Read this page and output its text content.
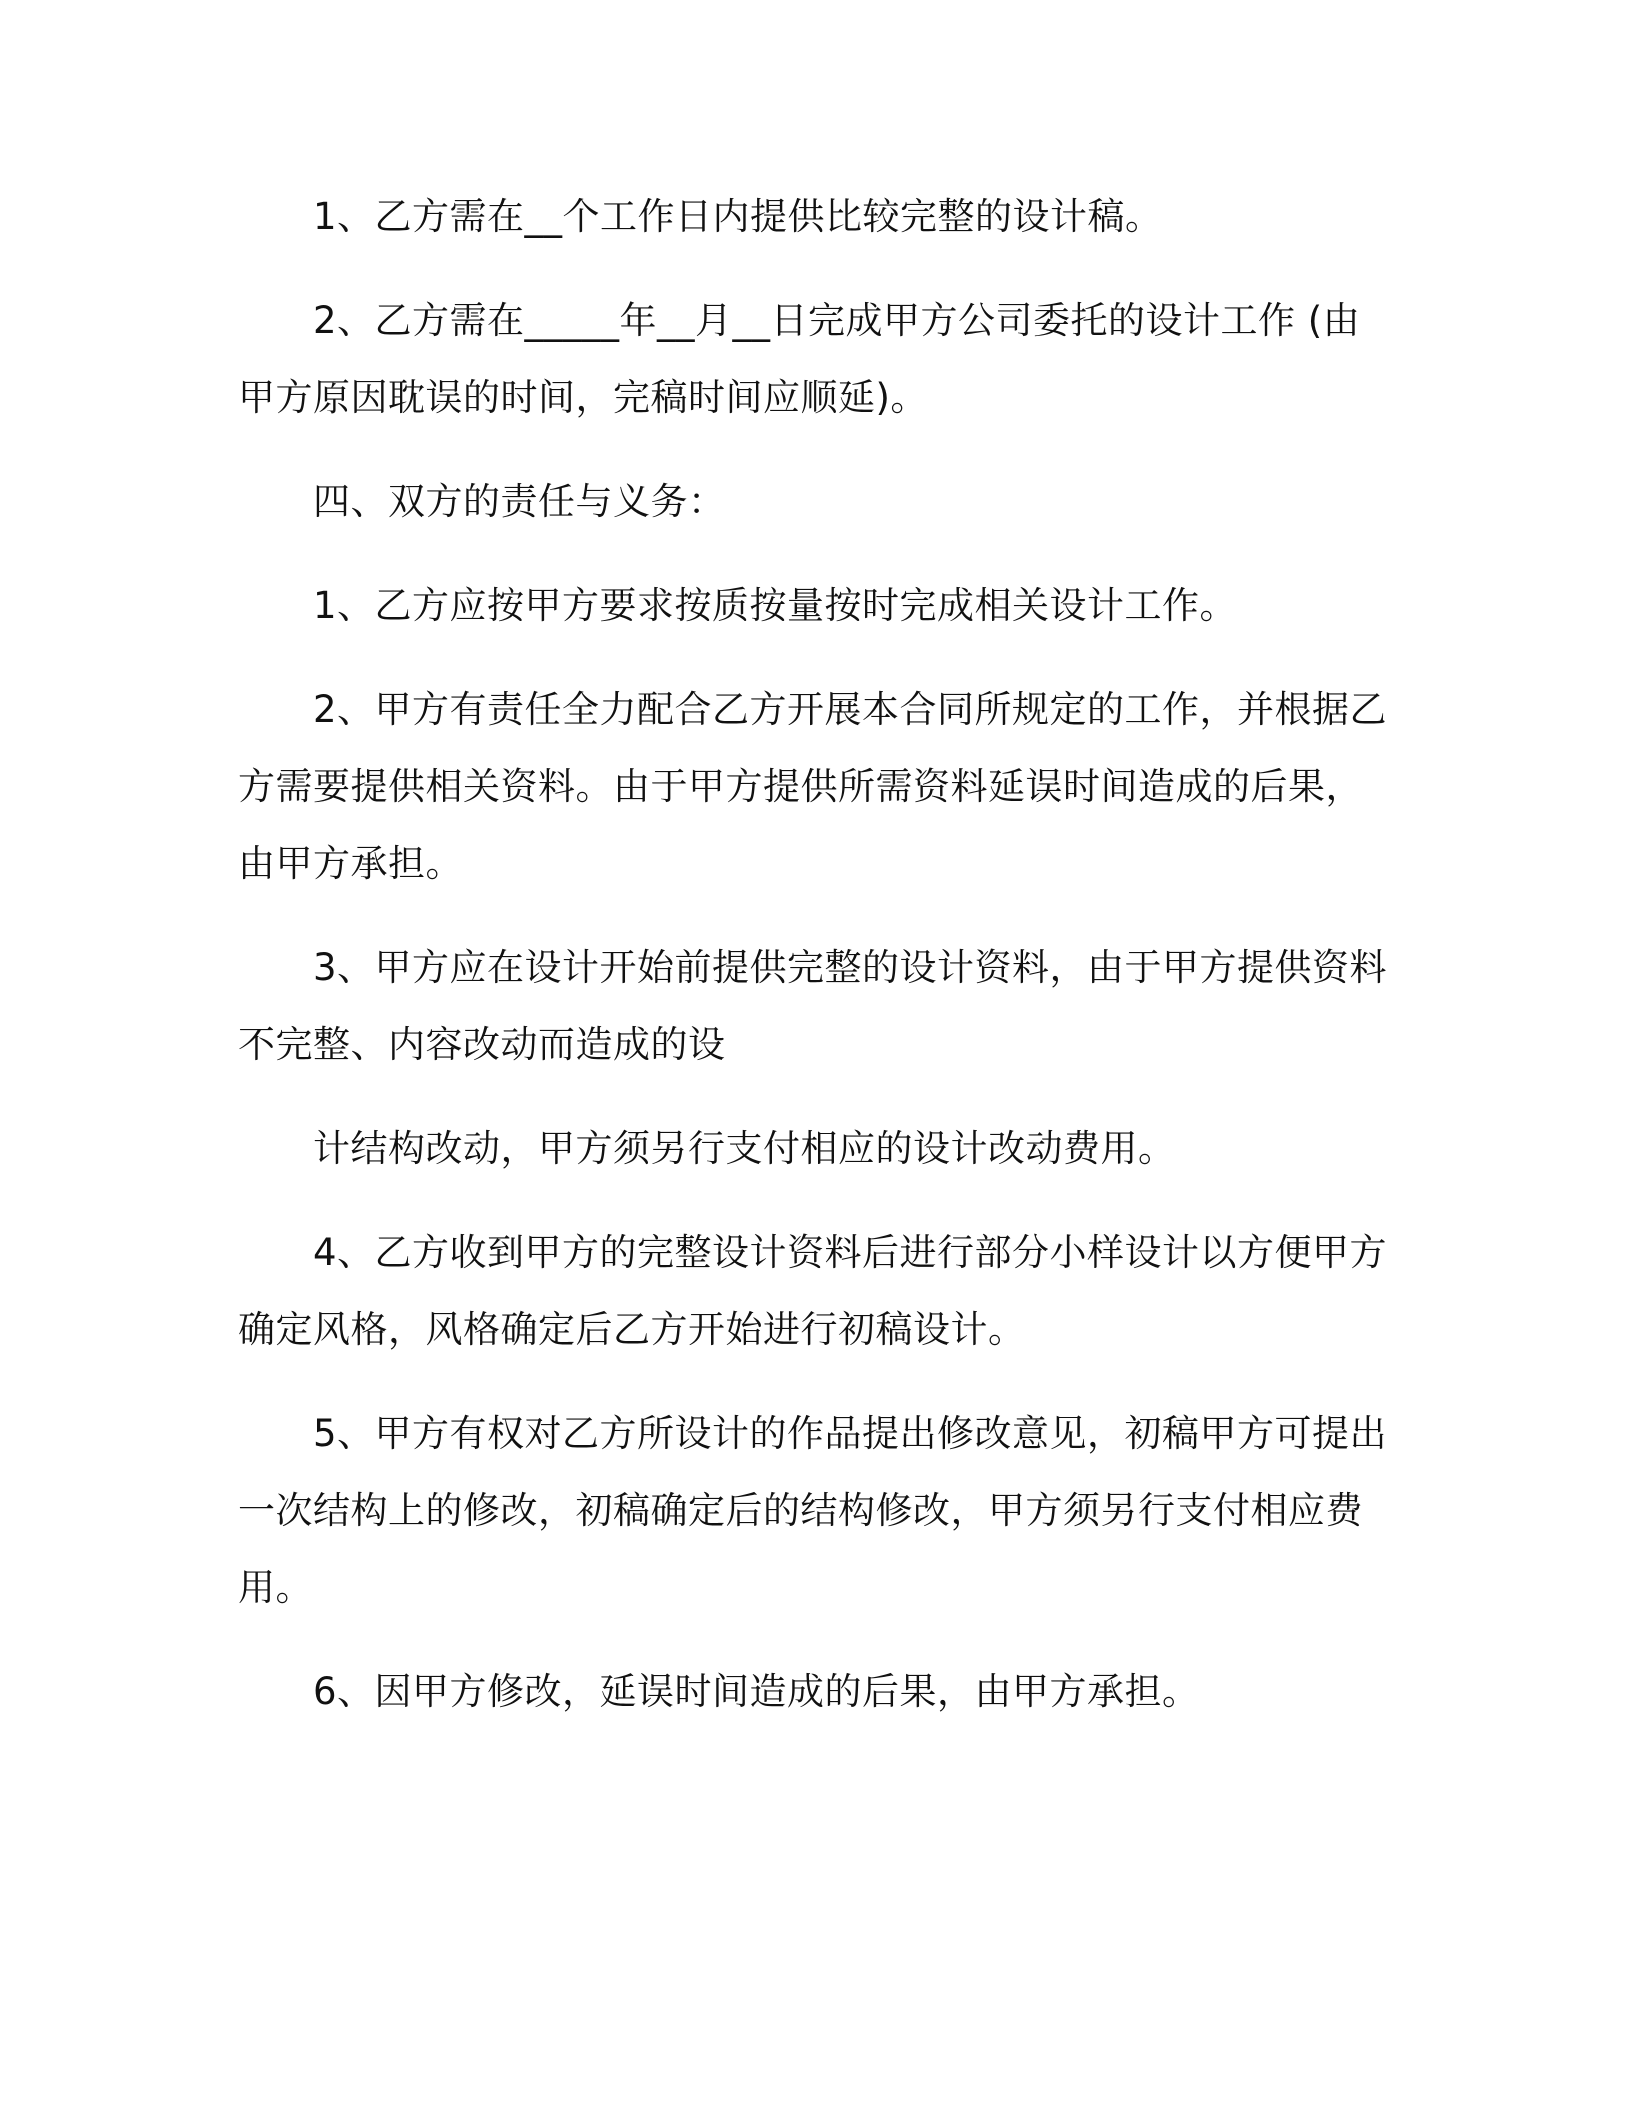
1、乙方需在__个工作日内提供比较完整的设计稿。

2、乙方需在_____年__月__日完成甲方公司委托的设计工作 (由

甲方原因耽误的时间，完稿时间应顺延)。

四、双方的责任与义务：

1、乙方应按甲方要求按质按量按时完成相关设计工作。

2、甲方有责任全力配合乙方开展本合同所规定的工作，并根据乙

方需要提供相关资料。由于甲方提供所需资料延误时间造成的后果，

由甲方承担。

3、甲方应在设计开始前提供完整的设计资料，由于甲方提供资料

不完整、内容改动而造成的设

计结构改动，甲方须另行支付相应的设计改动费用。

4、乙方收到甲方的完整设计资料后进行部分小样设计以方便甲方

确定风格，风格确定后乙方开始进行初稿设计。

5、甲方有权对乙方所设计的作品提出修改意见，初稿甲方可提出

一次结构上的修改，初稿确定后的结构修改，甲方须另行支付相应费

用。

6、因甲方修改，延误时间造成的后果，由甲方承担。
